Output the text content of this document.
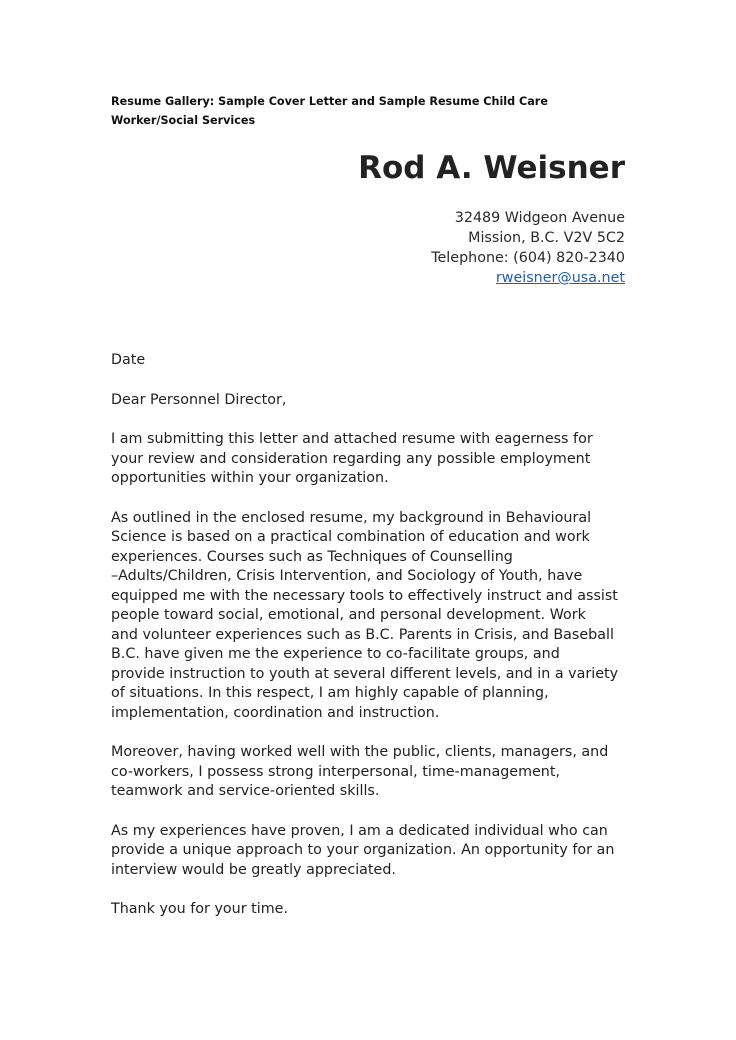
Resume Gallery: Sample Cover Letter and Sample Resume Child Care
Worker/Social Services
Rod A. Weisner
32489 Widgeon Avenue
Mission, B.C. V2V 5C2
Telephone: (604) 820-2340
rweisner@usa.net

Date

Dear Personnel Director,

I am submitting this letter and attached resume with eagerness for
your review and consideration regarding any possible employment
opportunities within your organization.

As outlined in the enclosed resume, my background in Behavioural
Science is based on a practical combination of education and work
experiences. Courses such as Techniques of Counselling
–Adults/Children, Crisis Intervention, and Sociology of Youth, have
equipped me with the necessary tools to effectively instruct and assist
people toward social, emotional, and personal development. Work
and volunteer experiences such as B.C. Parents in Crisis, and Baseball
B.C. have given me the experience to co-facilitate groups, and
provide instruction to youth at several different levels, and in a variety
of situations. In this respect, I am highly capable of planning,
implementation, coordination and instruction.

Moreover, having worked well with the public, clients, managers, and
co-workers, I possess strong interpersonal, time-management,
teamwork and service-oriented skills.

As my experiences have proven, I am a dedicated individual who can
provide a unique approach to your organization. An opportunity for an
interview would be greatly appreciated.

Thank you for your time.
